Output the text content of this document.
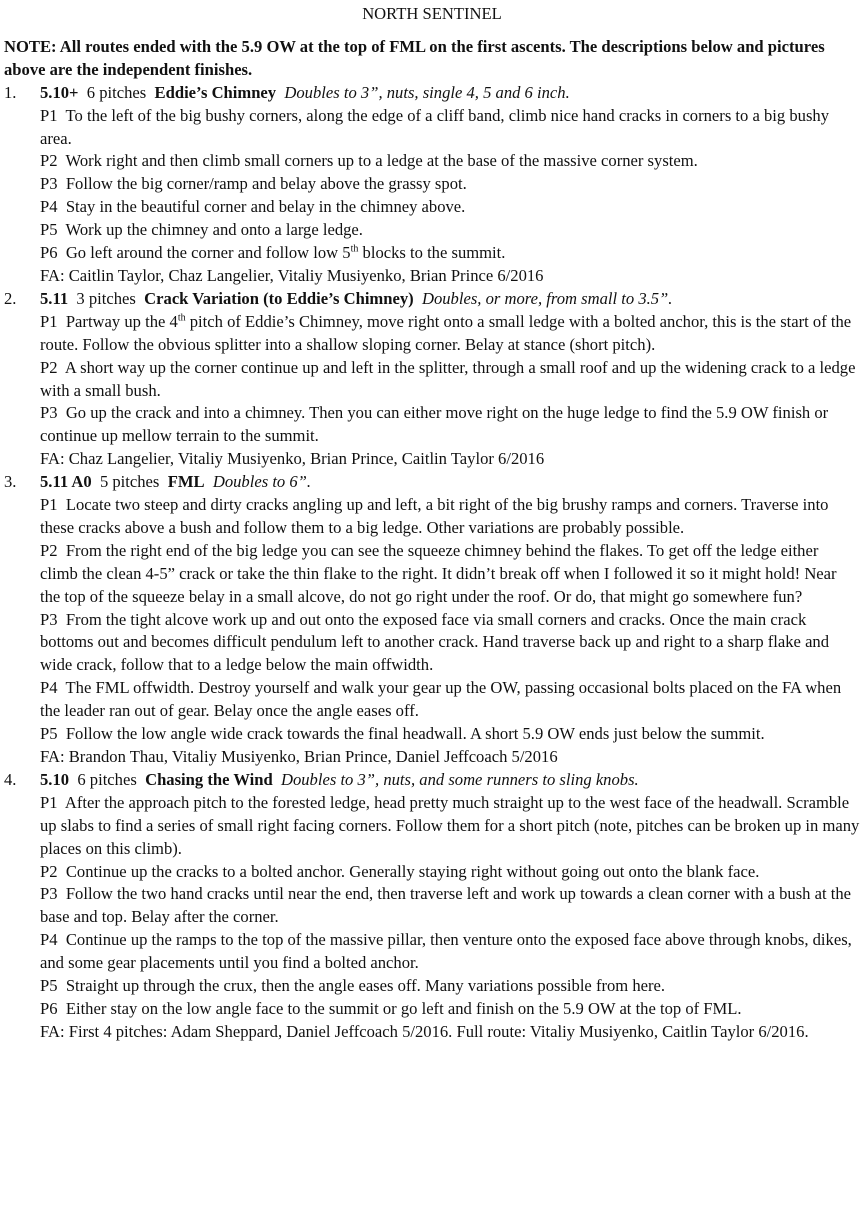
NORTH SENTINEL

NOTE: All routes ended with the 5.9 OW at the top of FML on the first ascents. The descriptions below and pictures above are the independent finishes.

1. 5.10+ 6 pitches Eddie’s Chimney Doubles to 3”, nuts, single 4, 5 and 6 inch.

P1 To the left of the big bushy corners, along the edge of a cliff band, climb nice hand cracks in corners to a big bushy area.

P2 Work right and then climb small corners up to a ledge at the base of the massive corner system.

P3 Follow the big corner/ramp and belay above the grassy spot.

P4 Stay in the beautiful corner and belay in the chimney above.

P5 Work up the chimney and onto a large ledge.

P6 Go left around the corner and follow low 5th blocks to the summit.

FA: Caitlin Taylor, Chaz Langelier, Vitaliy Musiyenko, Brian Prince 6/2016

2. 5.11 3 pitches Crack Variation (to Eddie’s Chimney) Doubles, or more, from small to 3.5”.

P1 Partway up the 4th pitch of Eddie’s Chimney, move right onto a small ledge with a bolted anchor, this is the start of the route. Follow the obvious splitter into a shallow sloping corner. Belay at stance (short pitch).

P2 A short way up the corner continue up and left in the splitter, through a small roof and up the widening crack to a ledge with a small bush.

P3 Go up the crack and into a chimney. Then you can either move right on the huge ledge to find the 5.9 OW finish or continue up mellow terrain to the summit.

FA: Chaz Langelier, Vitaliy Musiyenko, Brian Prince, Caitlin Taylor 6/2016

3. 5.11 A0 5 pitches FML Doubles to 6”.

P1 Locate two steep and dirty cracks angling up and left, a bit right of the big brushy ramps and corners. Traverse into these cracks above a bush and follow them to a big ledge. Other variations are probably possible.

P2 From the right end of the big ledge you can see the squeeze chimney behind the flakes. To get off the ledge either climb the clean 4-5” crack or take the thin flake to the right. It didn’t break off when I followed it so it might hold! Near the top of the squeeze belay in a small alcove, do not go right under the roof. Or do, that might go somewhere fun?

P3 From the tight alcove work up and out onto the exposed face via small corners and cracks. Once the main crack bottoms out and becomes difficult pendulum left to another crack. Hand traverse back up and right to a sharp flake and wide crack, follow that to a ledge below the main offwidth.

P4 The FML offwidth. Destroy yourself and walk your gear up the OW, passing occasional bolts placed on the FA when the leader ran out of gear. Belay once the angle eases off.

P5 Follow the low angle wide crack towards the final headwall. A short 5.9 OW ends just below the summit.

FA: Brandon Thau, Vitaliy Musiyenko, Brian Prince, Daniel Jeffcoach 5/2016

4. 5.10 6 pitches Chasing the Wind Doubles to 3”, nuts, and some runners to sling knobs.

P1 After the approach pitch to the forested ledge, head pretty much straight up to the west face of the headwall. Scramble up slabs to find a series of small right facing corners. Follow them for a short pitch (note, pitches can be broken up in many places on this climb).

P2 Continue up the cracks to a bolted anchor. Generally staying right without going out onto the blank face.

P3 Follow the two hand cracks until near the end, then traverse left and work up towards a clean corner with a bush at the base and top. Belay after the corner.

P4 Continue up the ramps to the top of the massive pillar, then venture onto the exposed face above through knobs, dikes, and some gear placements until you find a bolted anchor.

P5 Straight up through the crux, then the angle eases off. Many variations possible from here.

P6 Either stay on the low angle face to the summit or go left and finish on the 5.9 OW at the top of FML.

FA: First 4 pitches: Adam Sheppard, Daniel Jeffcoach 5/2016. Full route: Vitaliy Musiyenko, Caitlin Taylor 6/2016.
